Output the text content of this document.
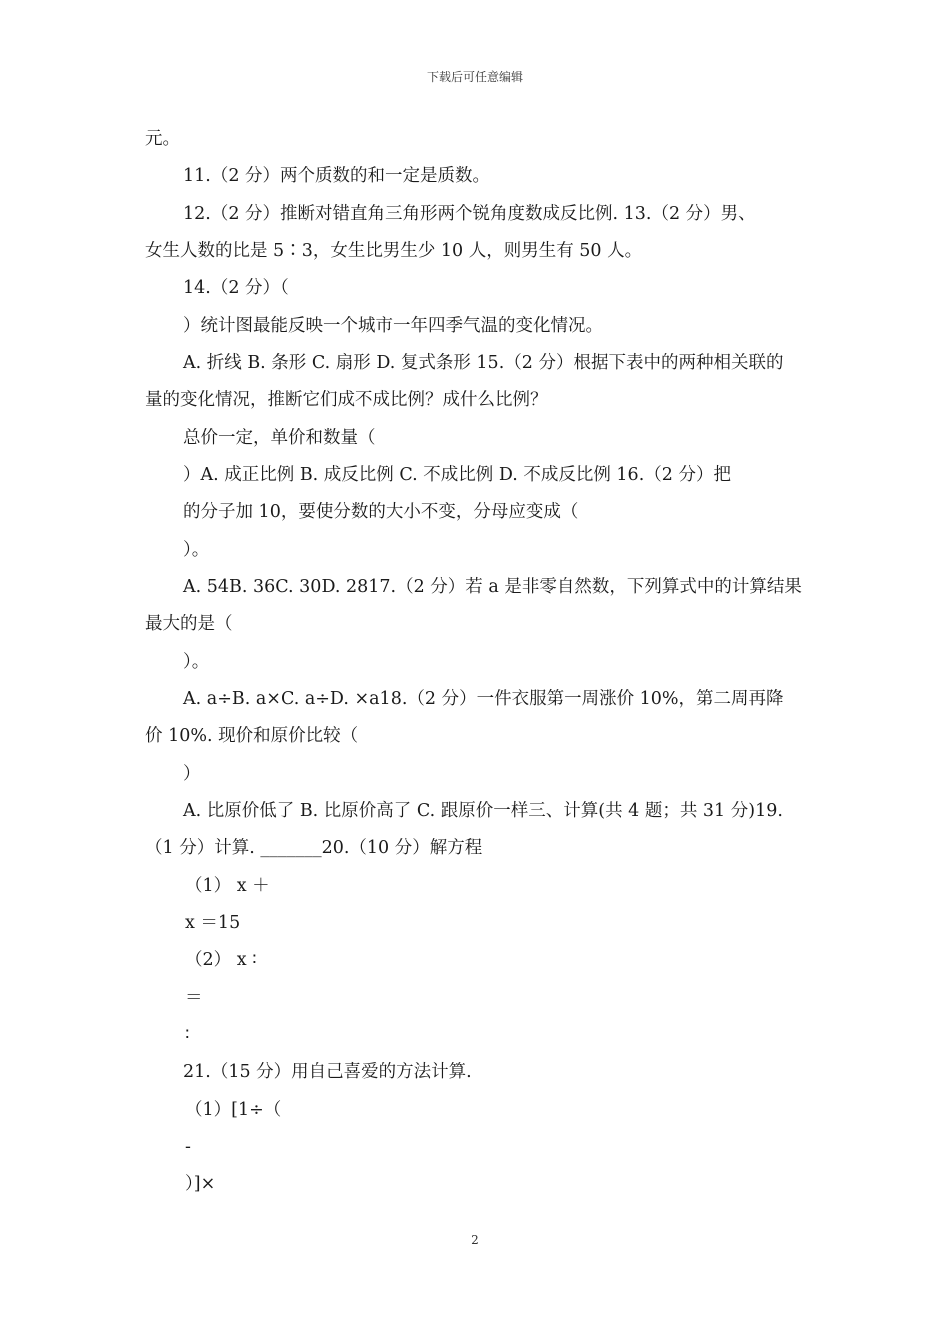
下载后可任意编辑
元。
11.（2 分）两个质数的和一定是质数。
12.（2 分）推断对错直角三角形两个锐角度数成反比例. 13.（2 分）男、
女生人数的比是 5∶3，女生比男生少 10 人，则男生有 50 人。
14.（2 分）（
）统计图最能反映一个城市一年四季气温的变化情况。
A. 折线 B. 条形 C. 扇形 D. 复式条形 15.（2 分）根据下表中的两种相关联的
量的变化情况，推断它们成不成比例？成什么比例？
总价一定，单价和数量（
）A. 成正比例 B. 成反比例 C. 不成比例 D. 不成反比例 16.（2 分）把
的分子加 10，要使分数的大小不变，分母应变成（
）。
A. 54B. 36C. 30D. 2817.（2 分）若 a 是非零自然数，下列算式中的计算结果
最大的是（
）。
A. a÷B. a×C. a÷D. ×a18.（2 分）一件衣服第一周涨价 10%，第二周再降
价 10%. 现价和原价比较（
）
A. 比原价低了 B. 比原价高了 C. 跟原价一样三、计算(共 4 题；共 31 分)19.
（1 分）计算. _______20.（10 分）解方程
（1） x ＋
x ＝15
（2） x ∶
＝
∶
21.（15 分）用自己喜爱的方法计算.
（1）[1÷（
-
）]×
2
